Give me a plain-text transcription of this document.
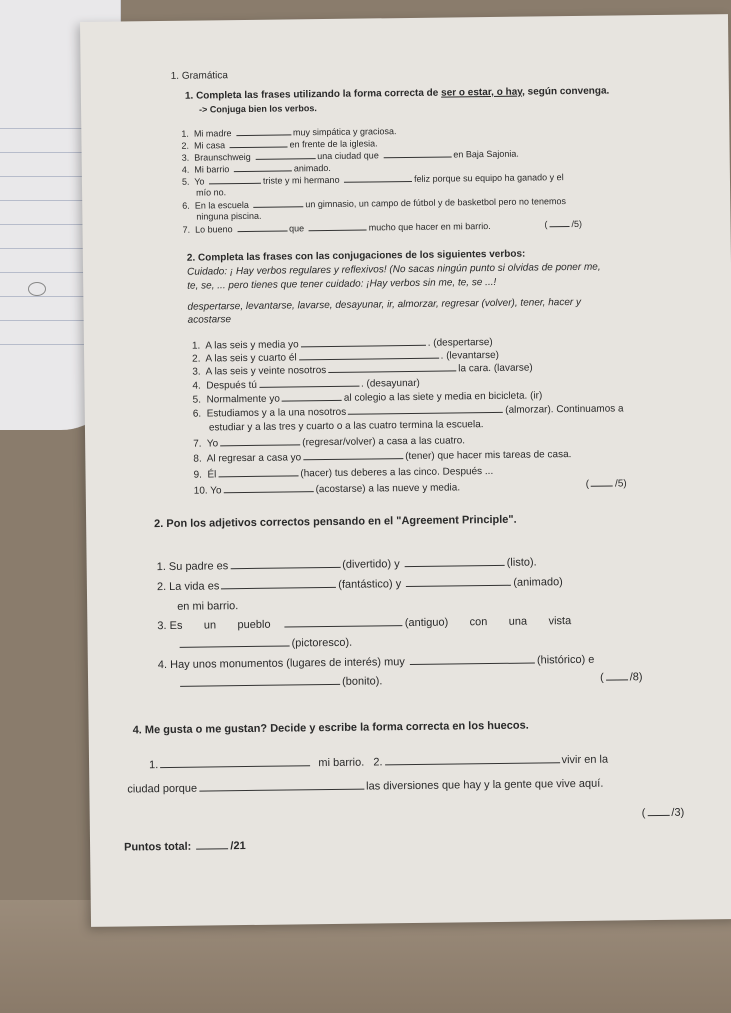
1. Gramática
1. Completa las frases utilizando la forma correcta de ser o estar, o hay, según convenga.
-> Conjuga bien los verbos.
1. Mi madre	muy simpática y graciosa.
2. Mi casa	en frente de la iglesia.
3. Braunschweig	una ciudad que	en Baja Sajonia.
4. Mi barrio	animado.
5. Yo	triste y mi hermano	feliz porque su equipo ha ganado y el
mío no.
6. En la escuela	un gimnasio, un campo de fútbol y de basketbol pero no tenemos
ninguna piscina.
7. Lo bueno	que	mucho que hacer en mi barrio.	(	/5)
2. Completa las frases con las conjugaciones de los siguientes verbos:
Cuidado: ¡ Hay verbos regulares y reflexivos! (No sacas ningún punto si olvidas de poner me,
te, se, ... pero tienes que tener cuidado: ¡Hay verbos sin me, te, se ...!
despertarse, levantarse, lavarse, desayunar, ir, almorzar, regresar (volver), tener, hacer y
acostarse
1. A las seis y media yo	. (despertarse)
2. A las seis y cuarto él	. (levantarse)
3. A las seis y veinte nosotros	la cara. (lavarse)
4. Después tú	. (desayunar)
5. Normalmente yo	al colegio a las siete y media en bicicleta. (ir)
6. Estudiamos y a la una nosotros	(almorzar). Continuamos a
estudiar y a las tres y cuarto o a las cuatro termina la escuela.
7. Yo	(regresar/volver) a casa a las cuatro.
8. Al regresar a casa yo	(tener) que hacer mis tareas de casa.
9. Él	(hacer) tus deberes a las cinco. Después ...
10. Yo	(acostarse) a las nueve y media.	(	/5)
2. Pon los adjetivos correctos pensando en el "Agreement Principle".
1. Su padre es	(divertido) y	(listo).
2. La vida es	(fantástico) y	(animado)
en mi barrio.
3. Es un pueblo	(antiguo) con una vista
(pictoresco).
4. Hay unos monumentos (lugares de interés) muy	(histórico) e
(bonito).	( /8)
4. Me gusta o me gustan? Decide y escribe la forma correcta en los huecos.
1.	mi barrio. 2.	vivir en la
ciudad porque	las diversiones que hay y la gente que vive aquí.
( /3)
Puntos total:	/21
